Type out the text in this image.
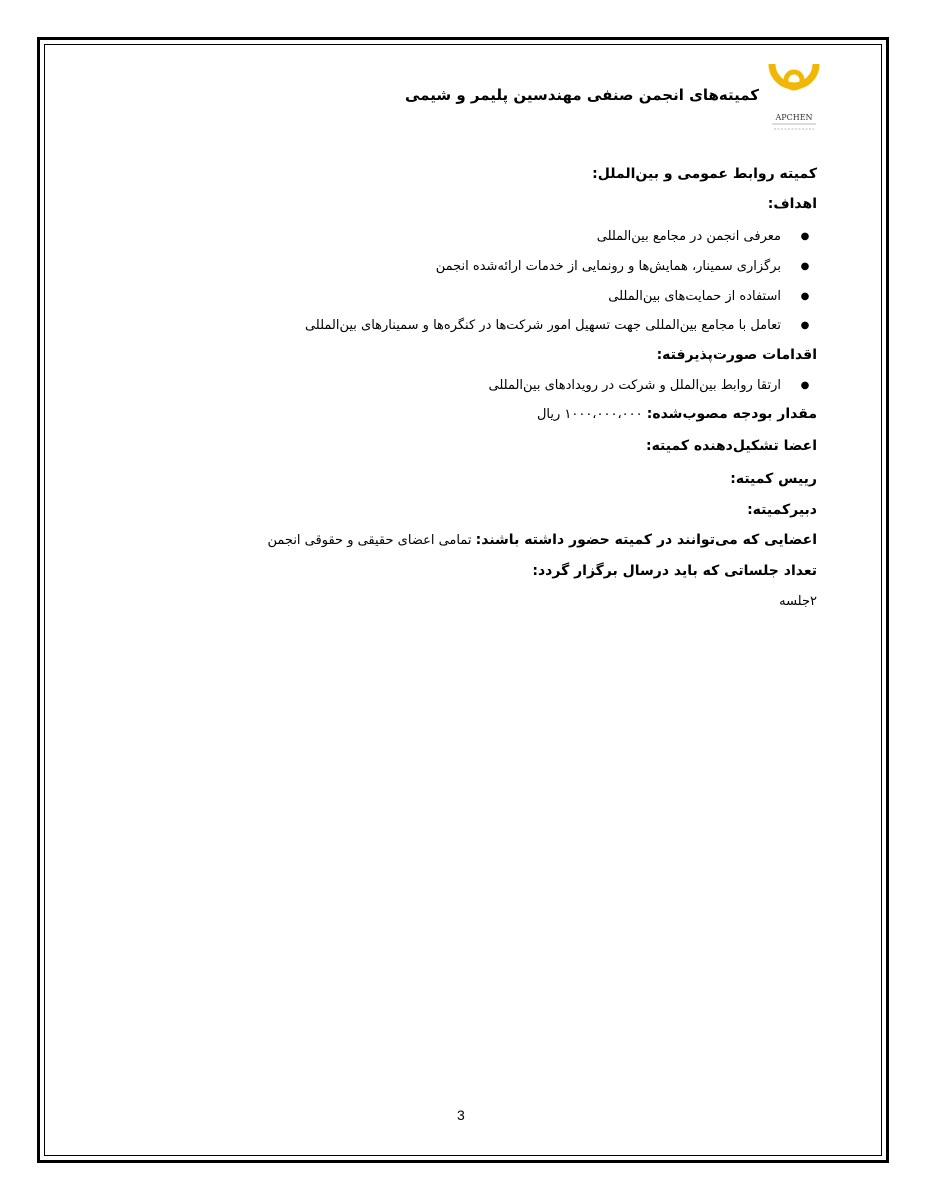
APCHEN
کمیته‌های انجمن صنفی مهندسین پلیمر و شیمی
کمیته روابط عمومی و بین‌الملل:
اهداف:
●
معرفی انجمن در مجامع بین‌المللی
●
برگزاری سمینار، همایش‌ها و رونمایی از خدمات ارائه‌شده انجمن
●
استفاده از حمایت‌های بین‌المللی
●
تعامل با مجامع بین‌المللی جهت تسهیل امور شرکت‌ها در کنگره‌ها و سمینارهای بین‌المللی
اقدامات صورت‌پذیرفته:
●
ارتقا روابط بین‌الملل و شرکت در رویدادهای بین‌المللی
مقدار بودجه مصوب‌شده: ۱۰۰۰،۰۰۰،۰۰۰ ریال
اعضا تشکیل‌دهنده کمیته:
رییس کمیته:
دبیرکمیته:
اعضایی که می‌توانند در کمیته حضور داشته باشند: تمامی اعضای حقیقی و حقوقی انجمن
تعداد جلساتی که باید درسال برگزار گردد:
۲جلسه
3
